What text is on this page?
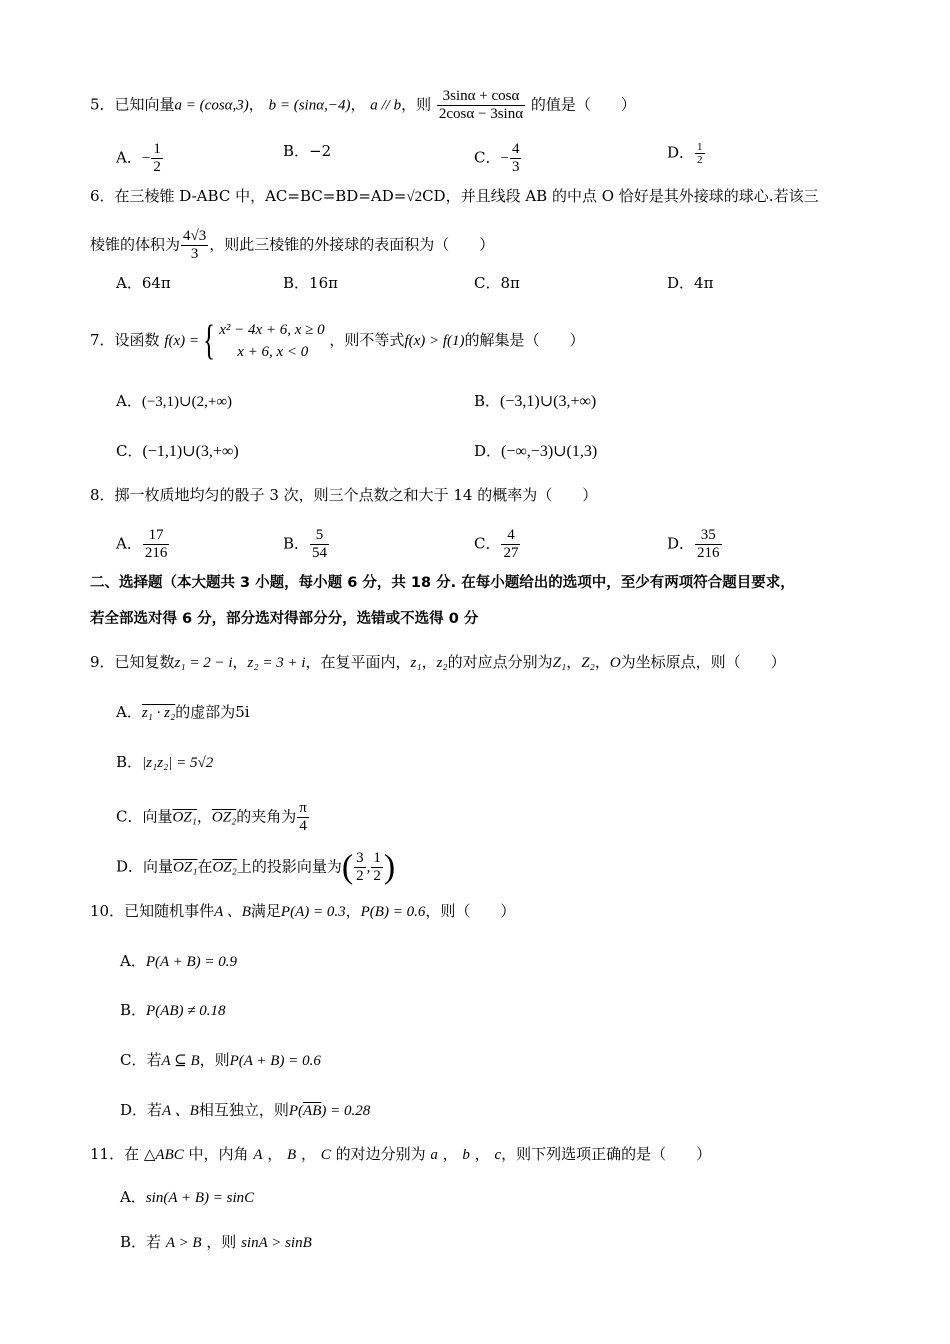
5．已知向量a = (cosα,3)， b = (sinα,−4)， a // b，则 $\frac{3\sin\alpha + \cos\alpha}{2\cos\alpha - 3\sin\alpha}$ 的值是（　　）
A．− $\frac{1}{2}$	B．−2	C．− $\frac{4}{3}$	D． $\frac{1}{2}$
6．在三棱锥 D-ABC 中，AC=BC=BD=AD=√2CD，并且线段 AB 的中点 O 恰好是其外接球的球心.若该三
棱锥的体积为 $\frac{4√3}{3}$ ，则此三棱锥的外接球的表面积为（　　）
A．64π	B．16π	C．8π	D．4π
7．设函数 f(x) ={ x² − 4x + 6, x ≥ 0
x + 6, x < 0
，则不等式f(x) > f(1)的解集是（　　）
A．(−3,1)∪(2,+∞)	B．(−3,1)∪(3,+∞)
C．(−1,1)∪(3,+∞)	D．(−∞,−3)∪(1,3)
8．掷一枚质地均匀的骰子 3 次，则三个点数之和大于 14 的概率为（　　）
A． $\frac{17}{216}$	B． $\frac{5}{54}$	C． $\frac{4}{27}$	D． $\frac{35}{216}$
二、选择题（本大题共 3 小题，每小题 6 分，共 18 分. 在每小题给出的选项中，至少有两项符合题目要求，
若全部选对得 6 分，部分选对得部分分，选错或不选得 0 分
9．已知复数z₁ = 2 − i，z₂ = 3 + i，在复平面内，z₁，z₂的对应点分别为Z₁，Z₂，O为坐标原点，则（　　）
A．z₁ · z₂的虚部为5i
B．|z₁z₂| = 5√2
C．向量OZ₁，OZ₂的夹角为 $\frac{\pi}{4}$
D．向量OZ₁在OZ₂上的投影向量为( $\frac{3}{2}$ , $\frac{1}{2}$ )
10．已知随机事件A 、B满足P(A) = 0.3，P(B) = 0.6，则（　　）
A．P(A + B) = 0.9
B．P(AB) ≠ 0.18
C．若A ⊆ B，则P(A + B) = 0.6
D．若A 、B相互独立，则$P(\overline{AB}) = 0.28$
11．在 △ABC 中，内角 A ， B ， C 的对边分别为 a ， b ， c，则下列选项正确的是（　　）
A．sin(A + B) = sinC
B．若 A > B ，则 sinA > sinB
